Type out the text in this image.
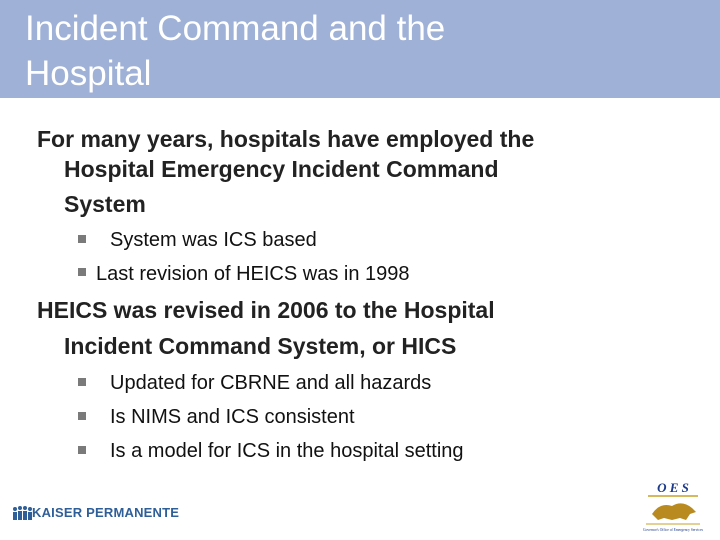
Incident Command and the
Hospital
For many years, hospitals have employed the
Hospital Emergency Incident Command
System
System was ICS based
Last revision of HEICS was in 1998
HEICS was revised in 2006 to the Hospital
Incident Command System, or HICS
Updated for CBRNE and all hazards
Is NIMS and ICS consistent
Is a model for ICS in the hospital setting
KAISER PERMANENTE
O E S
Governor's Office of Emergency Services
